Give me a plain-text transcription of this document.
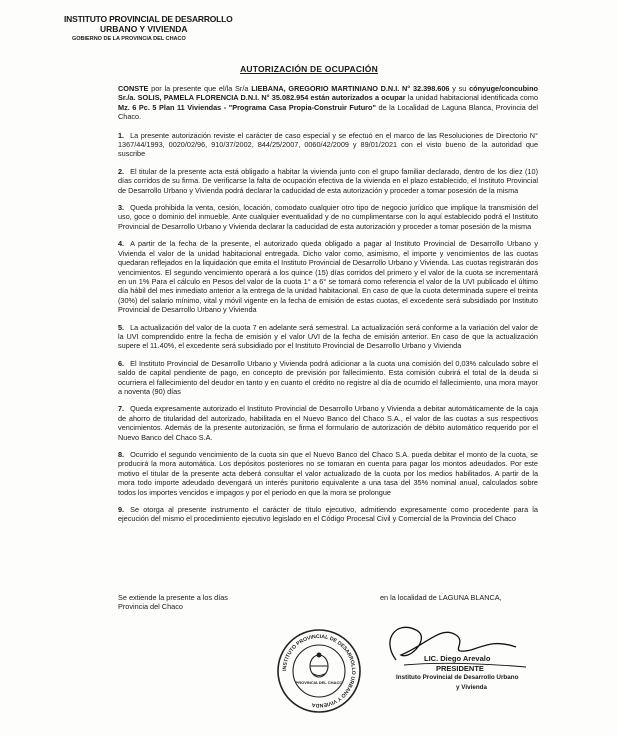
INSTITUTO PROVINCIAL DE DESARROLLO
URBANO Y VIVIENDA
GOBIERNO DE LA PROVINCIA DEL CHACO
AUTORIZACIÓN DE OCUPACIÓN

CONSTE por la presente que el/la Sr/a LIEBANA, GREGORIO MARTINIANO D.N.I. N° 32.398.606 y su cónyuge/concubino Sr./a. SOLIS, PAMELA FLORENCIA D.N.I. N° 35.082.954 están autorizados a ocupar la unidad habitacional identificada como Mz. 6 Pc. 5 Plan 11 Viviendas - "Programa Casa Propia-Construir Futuro" de la Localidad de Laguna Blanca, Provincia del Chaco.

1. La presente autorización reviste el carácter de caso especial y se efectuó en el marco de las Resoluciones de Directorio N° 1367/44/1993, 0020/02/96, 910/37/2002, 844/25/2007, 0060/42/2009 y 89/01/2021 con el visto bueno de la autoridad que suscribe

2. El titular de la presente acta está obligado a habitar la vivienda junto con el grupo familiar declarado, dentro de los diez (10) días corridos de su firma. De verificarse la falta de ocupación efectiva de la vivienda en el plazo establecido, el Instituto Provincial de Desarrollo Urbano y Vivienda podrá declarar la caducidad de esta autorización y proceder a tomar posesión de la misma

3. Queda prohibida la venta, cesión, locación, comodato cualquier otro tipo de negocio jurídico que implique la transmisión del uso, goce o dominio del inmueble. Ante cualquier eventualidad y de no cumplimentarse con lo aquí establecido podrá el Instituto Provincial de Desarrollo Urbano y Vivienda declarar la caducidad de esta autorización y proceder a tomar posesión de la misma

4. A partir de la fecha de la presente, el autorizado queda obligado a pagar al Instituto Provincial de Desarrollo Urbano y Vivienda el valor de la unidad habitacional entregada. Dicho valor como, asimismo, el importe y vencimientos de las cuotas quedaran reflejados en la liquidación que emita el Instituto Provincial de Desarrollo Urbano y Vivienda. Las cuotas registrarán dos vencimientos. El segundo vencimiento operará a los quince (15) días corridos del primero y el valor de la cuota se incrementará en un 1% Para el cálculo en Pesos del valor de la cuota 1° a 6° se tomará como referencia el valor de la UVI publicado el último día hábil del mes inmediato anterior a la entrega de la unidad habitacional. En caso de que la cuota determinada supere el treinta (30%) del salario mínimo, vital y móvil vigente en la fecha de emisión de estas cuotas, el excedente será subsidiado por Instituto Provincial de Desarrollo Urbano y Vivienda

5. La actualización del valor de la cuota 7 en adelante será semestral. La actualización será conforme a la variación del valor de la UVI comprendido entre la fecha de emisión y el valor UVI de la fecha de emisión anterior. En caso de que la actualización supere el 11.40%, el excedente será subsidiado por el Instituto Provincial de Desarrollo Urbano y Vivienda

6. El Instituto Provincial de Desarrollo Urbano y Vivienda podrá adicionar a la cuota una comisión del 0,03% calculado sobre el saldo de capital pendiente de pago, en concepto de previsión por fallecimiento. Esta comisión cubrirá el total de la deuda si ocurriera el fallecimiento del deudor en tanto y en cuanto el crédito no registre al día de ocurrido el fallecimiento, una mora mayor a noventa (90) días

7. Queda expresamente autorizado el Instituto Provincial de Desarrollo Urbano y Vivienda a debitar automáticamente de la caja de ahorro de titularidad del autorizado, habilitada en el Nuevo Banco del Chaco S.A., el valor de las cuotas a sus respectivos vencimientos. Además de la presente autorización, se firma el formulario de autorización de débito automático requerido por el Nuevo Banco del Chaco S.A.

8. Ocurrido el segundo vencimiento de la cuota sin que el Nuevo Banco del Chaco S.A. pueda debitar el monto de la cuota, se producirá la mora automática. Los depósitos posteriores no se tomaran en cuenta para pagar los montos adeudados. Por este motivo el titular de la presente acta deberá consultar el valor actualizado de la cuota por los medios habilitados. A partir de la mora todo importe adeudado devengará un interés punitorio equivalente a una tasa del 35% nominal anual, calculados sobre todos los importes vencidos e impagos y por el periodo en que la mora se prolongue

9. Se otorga al presente instrumento el carácter de título ejecutivo, admitiendo expresamente como procedente para la ejecución del mismo el procedimiento ejecutivo legislado en el Código Procesal Civil y Comercial de la Provincia del Chaco

Se extiende la presente a los días
Provincia del Chaco
en la localidad de LAGUNA BLANCA,
INSTITUTO PROVINCIAL DE DESARROLLO URBANO Y VIVIENDA
PROVINCIA DEL CHACO
LIC. Diego Arevalo
PRESIDENTE
Instituto Provincial de Desarrollo Urbano
y Vivienda
